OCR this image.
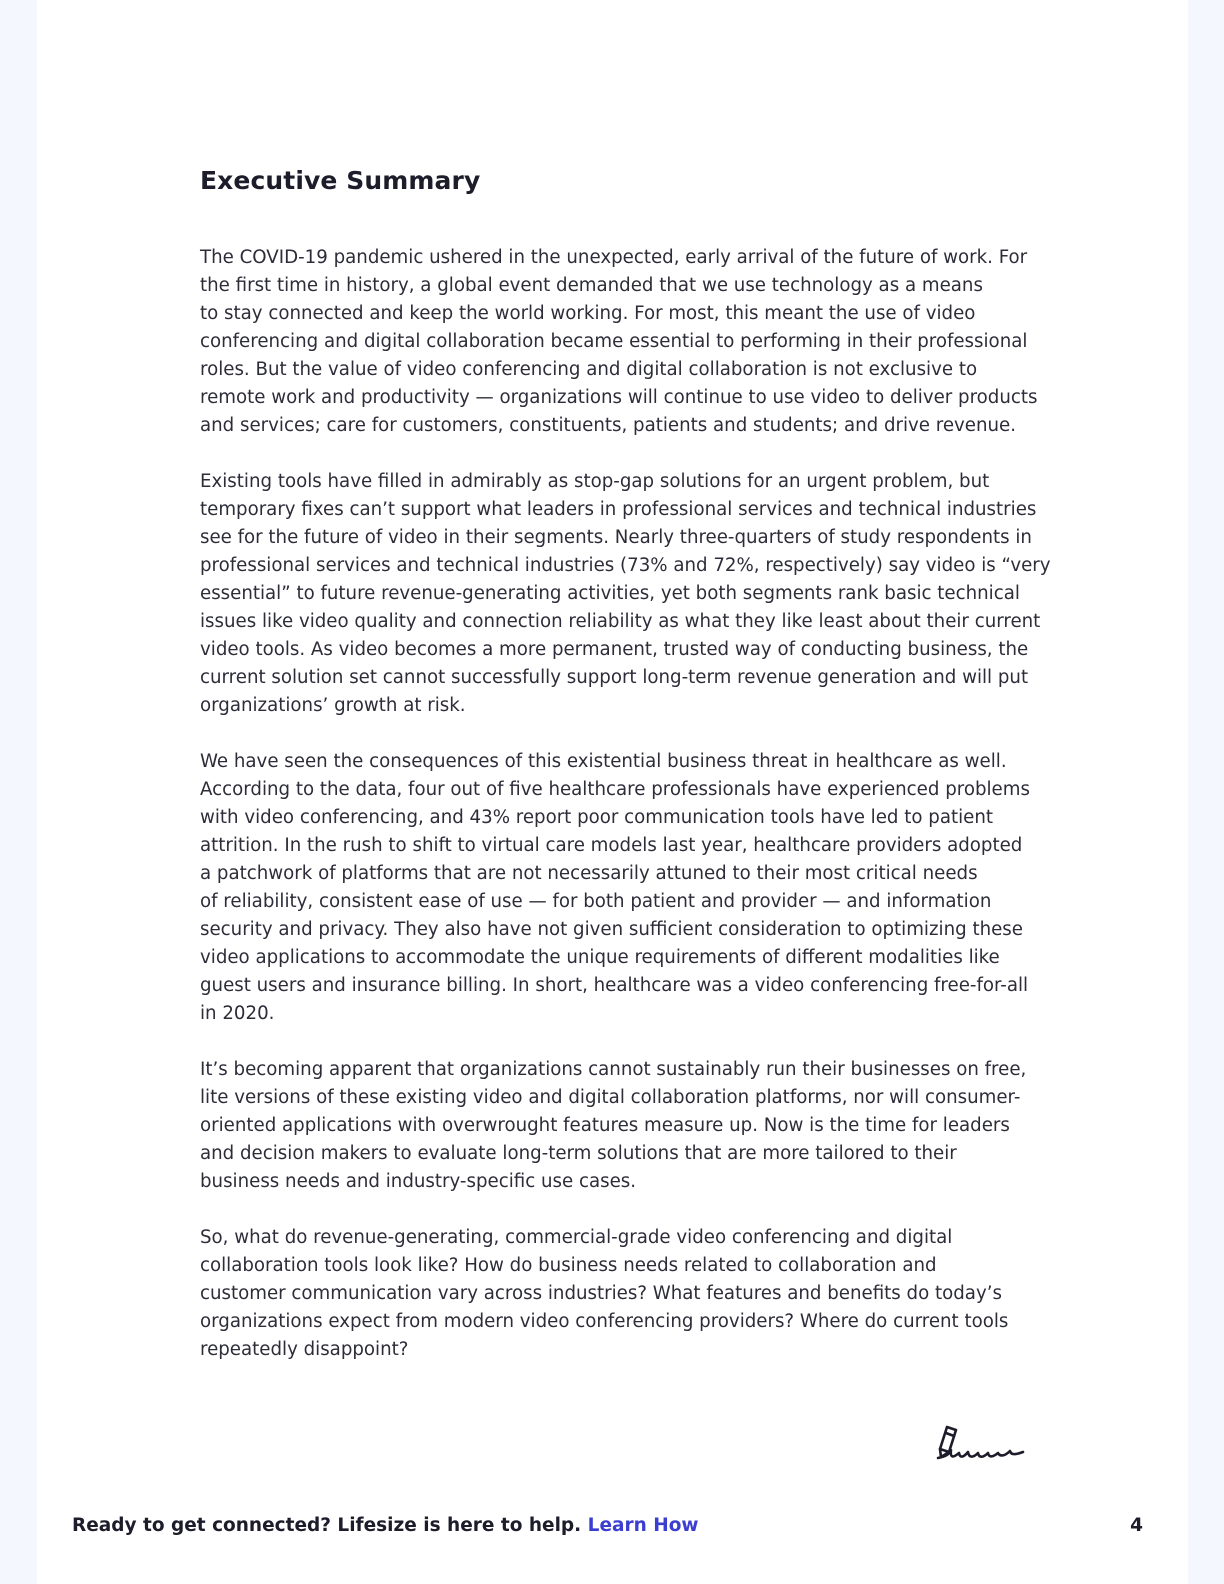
Executive Summary

The COVID-19 pandemic ushered in the unexpected, early arrival of the future of work. For
the first time in history, a global event demanded that we use technology as a means
to stay connected and keep the world working. For most, this meant the use of video
conferencing and digital collaboration became essential to performing in their professional
roles. But the value of video conferencing and digital collaboration is not exclusive to
remote work and productivity — organizations will continue to use video to deliver products
and services; care for customers, constituents, patients and students; and drive revenue.

Existing tools have filled in admirably as stop-gap solutions for an urgent problem, but
temporary fixes can’t support what leaders in professional services and technical industries
see for the future of video in their segments. Nearly three-quarters of study respondents in
professional services and technical industries (73% and 72%, respectively) say video is “very
essential” to future revenue-generating activities, yet both segments rank basic technical
issues like video quality and connection reliability as what they like least about their current
video tools. As video becomes a more permanent, trusted way of conducting business, the
current solution set cannot successfully support long-term revenue generation and will put
organizations’ growth at risk.

We have seen the consequences of this existential business threat in healthcare as well.
According to the data, four out of five healthcare professionals have experienced problems
with video conferencing, and 43% report poor communication tools have led to patient
attrition. In the rush to shift to virtual care models last year, healthcare providers adopted
a patchwork of platforms that are not necessarily attuned to their most critical needs
of reliability, consistent ease of use — for both patient and provider — and information
security and privacy. They also have not given sufficient consideration to optimizing these
video applications to accommodate the unique requirements of different modalities like
guest users and insurance billing. In short, healthcare was a video conferencing free-for-all
in 2020.

It’s becoming apparent that organizations cannot sustainably run their businesses on free,
lite versions of these existing video and digital collaboration platforms, nor will consumer-
oriented applications with overwrought features measure up. Now is the time for leaders
and decision makers to evaluate long-term solutions that are more tailored to their
business needs and industry-specific use cases.

So, what do revenue-generating, commercial-grade video conferencing and digital
collaboration tools look like? How do business needs related to collaboration and
customer communication vary across industries? What features and benefits do today’s
organizations expect from modern video conferencing providers? Where do current tools
repeatedly disappoint?

Ready to get connected? Lifesize is here to help. Learn How	4
